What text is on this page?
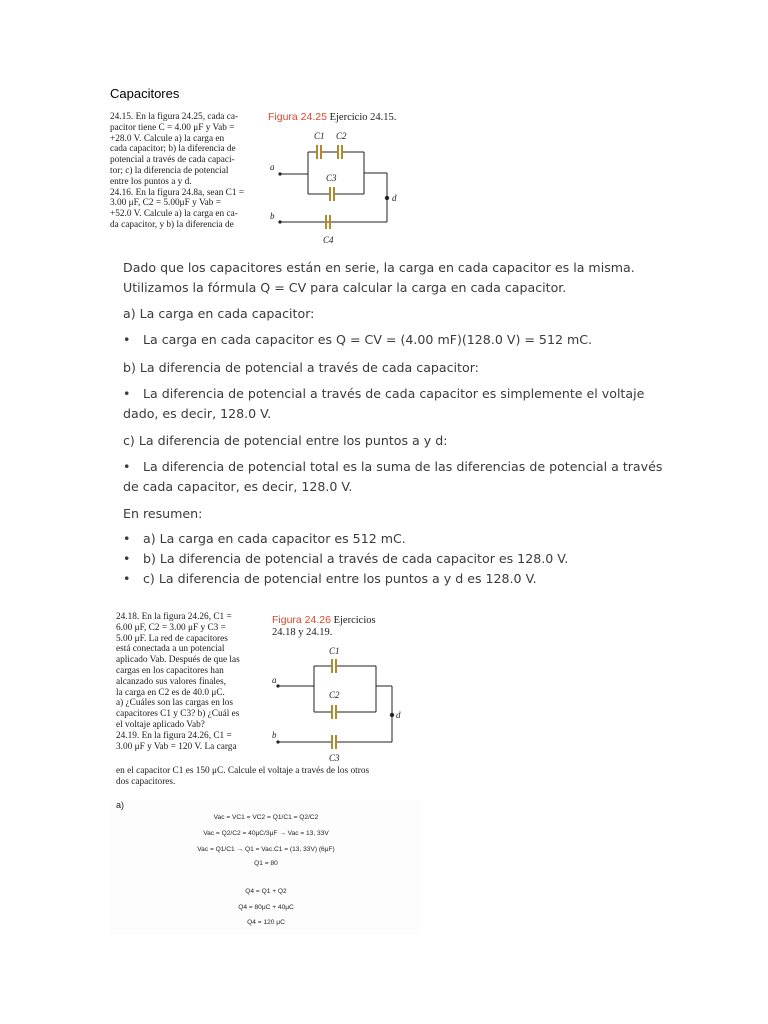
Capacitores

24.15. En la figura 24.25, cada ca-

pacitor tiene C = 4.00 μF y Vab =

+28.0 V. Calcule a) la carga en

cada capacitor; b) la diferencia de

potencial a través de cada capaci-

tor; c) la diferencia de potencial

entre los puntos a y d.

24.16. En la figura 24.8a, sean C1 =

3.00 μF, C2 = 5.00μF y Vab =

+52.0 V. Calcule a) la carga en ca-

da capacitor, y b) la diferencia de

Figura 24.25 Ejercicio 24.15.
C1 C2
C3
C4
a
b
d

Dado que los capacitores están en serie, la carga en cada capacitor es la misma.

Utilizamos la fórmula Q = CV para calcular la carga en cada capacitor.

a) La carga en cada capacitor:
• La carga en cada capacitor es Q = CV = (4.00 mF)(128.0 V) = 512 mC.
b) La diferencia de potencial a través de cada capacitor:

• La diferencia de potencial a través de cada capacitor es simplemente el voltaje

dado, es decir, 128.0 V.

c) La diferencia de potencial entre los puntos a y d:

• La diferencia de potencial total es la suma de las diferencias de potencial a través

de cada capacitor, es decir, 128.0 V.

En resumen:

• a) La carga en cada capacitor es 512 mC.

• b) La diferencia de potencial a través de cada capacitor es 128.0 V.

• c) La diferencia de potencial entre los puntos a y d es 128.0 V.

24.18. En la figura 24.26, C1 =

6.00 μF, C2 = 3.00 μF y C3 =

5.00 μF. La red de capacitores

está conectada a un potencial

aplicado Vab. Después de que las

cargas en los capacitores han

alcanzado sus valores finales,

la carga en C2 es de 40.0 μC.

a) ¿Cuáles son las cargas en los

capacitores C1 y C3? b) ¿Cuál es

el voltaje aplicado Vab?

24.19. En la figura 24.26, C1 =

3.00 μF y Vab = 120 V. La carga

en el capacitor C1 es 150 μC. Calcule el voltaje a través de los otros

dos capacitores.

Figura 24.26 Ejercicios

24.18 y 24.19.

C1
C2
C3
a
b
d
a)
Vac = VC1 = VC2 = Q1/C1 = Q2/C2
Vac = Q2/C2 = 40μC/3μF → Vac = 13, 33V
Vac = Q1/C1 → Q1 = Vac.C1 = (13, 33V) (6μF)
Q1 = 80
Q4 = Q1 + Q2
Q4 = 80μC + 40μC
Q4 = 120 μC
